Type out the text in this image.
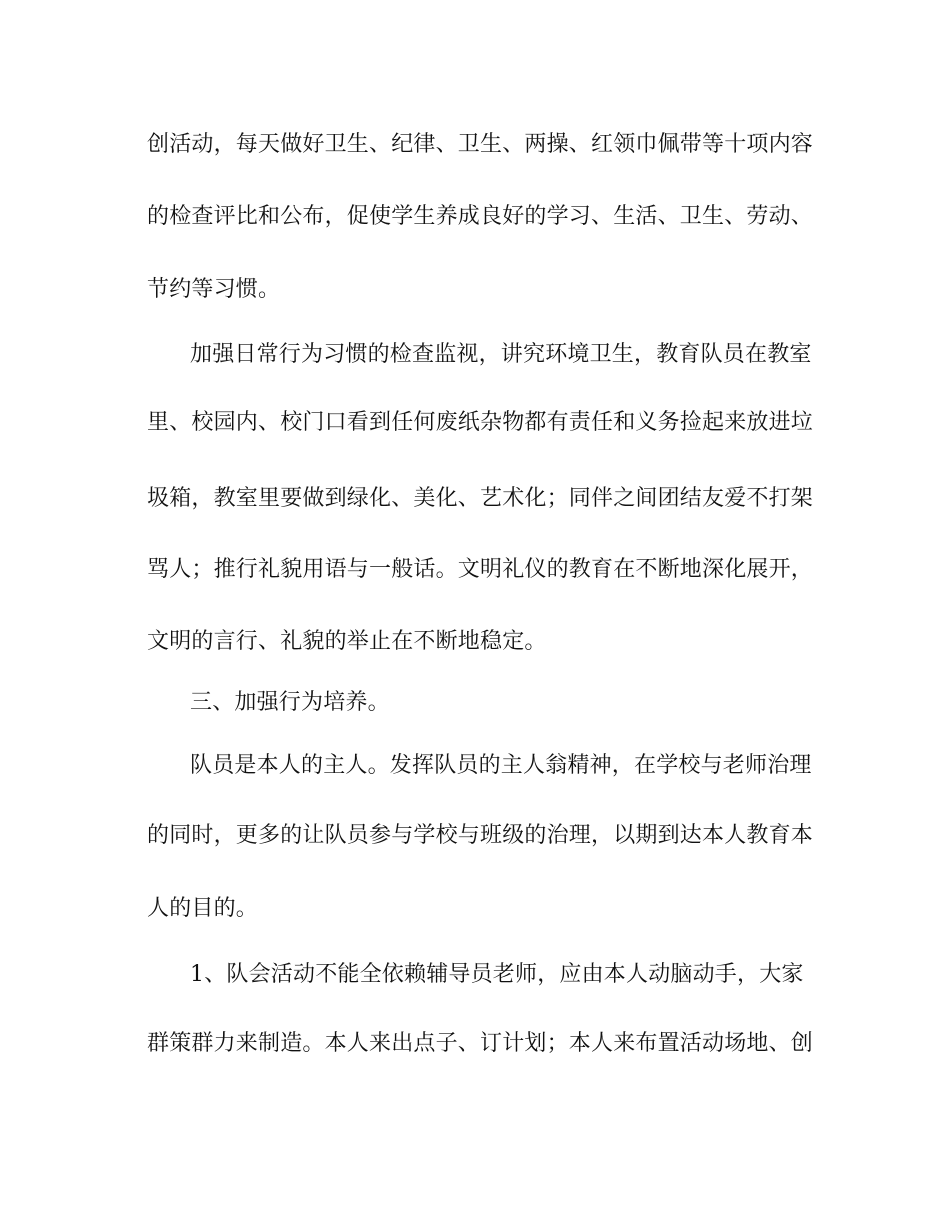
创活动，每天做好卫生、纪律、卫生、两操、红领巾佩带等十项内容
的检查评比和公布，促使学生养成良好的学习、生活、卫生、劳动、
节约等习惯。
加强日常行为习惯的检查监视，讲究环境卫生，教育队员在教室
里、校园内、校门口看到任何废纸杂物都有责任和义务捡起来放进垃
圾箱，教室里要做到绿化、美化、艺术化；同伴之间团结友爱不打架
骂人；推行礼貌用语与一般话。文明礼仪的教育在不断地深化展开，
文明的言行、礼貌的举止在不断地稳定。
三、加强行为培养。
队员是本人的主人。发挥队员的主人翁精神，在学校与老师治理
的同时，更多的让队员参与学校与班级的治理，以期到达本人教育本
人的目的。
1、队会活动不能全依赖辅导员老师，应由本人动脑动手，大家
群策群力来制造。本人来出点子、订计划；本人来布置活动场地、创
